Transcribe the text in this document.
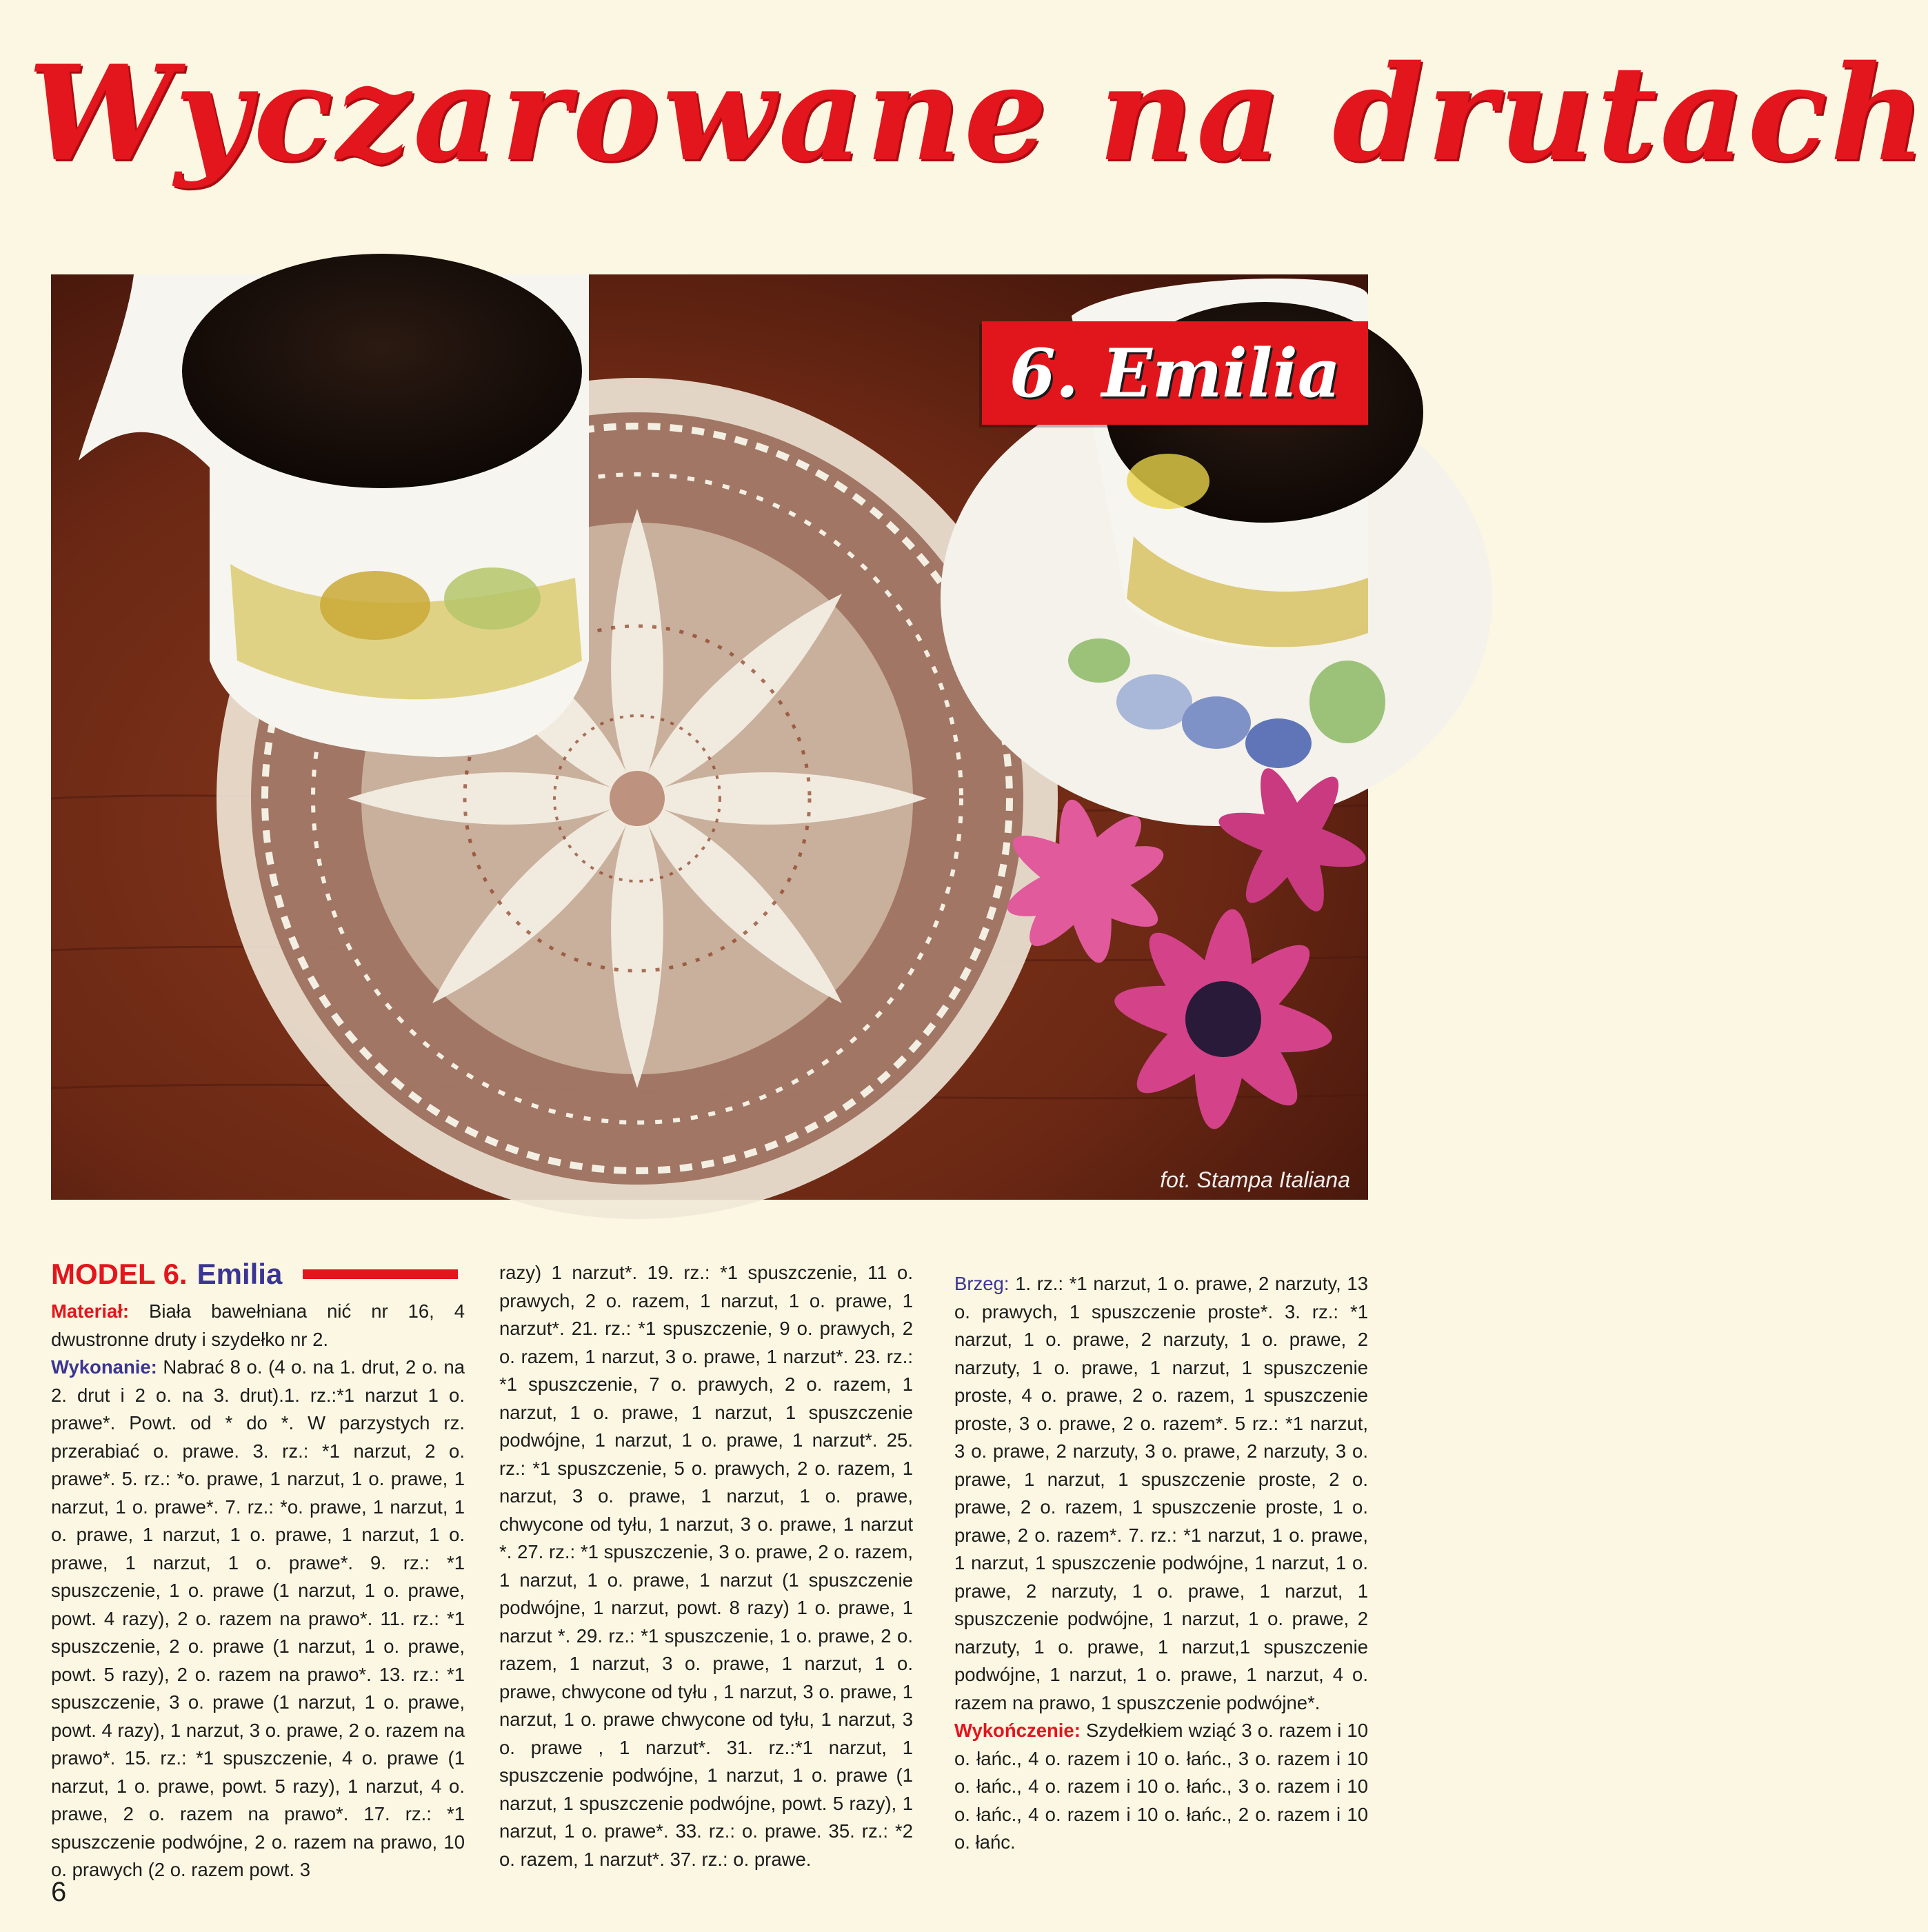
Wyczarowane na drutach
6. Emilia
fot. Stampa Italiana
MODEL 6. Emilia

Materiał: Biała bawełniana nić nr 16, 4 dwustronne druty i szydełko nr 2.

Wykonanie: Nabrać 8 o. (4 o. na 1. drut, 2 o. na 2. drut i 2 o. na 3. drut).1. rz.:*1 narzut 1 o. prawe*. Powt. od * do *. W parzystych rz. przerabiać o. prawe. 3. rz.: *1 narzut, 2 o. prawe*. 5. rz.: *o. prawe, 1 narzut, 1 o. prawe, 1 narzut, 1 o. prawe*. 7. rz.: *o. prawe, 1 narzut, 1 o. prawe, 1 narzut, 1 o. prawe, 1 narzut, 1 o. prawe, 1 narzut, 1 o. prawe*. 9. rz.: *1 spuszczenie, 1 o. prawe (1 narzut, 1 o. prawe, powt. 4 razy), 2 o. razem na prawo*. 11. rz.: *1 spuszczenie, 2 o. prawe (1 narzut, 1 o. prawe, powt. 5 razy), 2 o. razem na prawo*. 13. rz.: *1 spuszczenie, 3 o. prawe (1 narzut, 1 o. prawe, powt. 4 razy), 1 narzut, 3 o. prawe, 2 o. razem na prawo*. 15. rz.: *1 spuszczenie, 4 o. prawe (1 narzut, 1 o. prawe, powt. 5 razy), 1 narzut, 4 o. prawe, 2 o. razem na prawo*. 17. rz.: *1 spuszczenie podwójne, 2 o. razem na prawo, 10 o. prawych (2 o. razem powt. 3

razy) 1 narzut*. 19. rz.: *1 spuszczenie, 11 o. prawych, 2 o. razem, 1 narzut, 1 o. prawe, 1 narzut*. 21. rz.: *1 spuszczenie, 9 o. prawych, 2 o. razem, 1 narzut, 3 o. prawe, 1 narzut*. 23. rz.: *1 spuszczenie, 7 o. prawych, 2 o. razem, 1 narzut, 1 o. prawe, 1 narzut, 1 spuszczenie podwójne, 1 narzut, 1 o. prawe, 1 narzut*. 25. rz.: *1 spuszczenie, 5 o. prawych, 2 o. razem, 1 narzut, 3 o. prawe, 1 narzut, 1 o. prawe, chwycone od tyłu, 1 narzut, 3 o. prawe, 1 narzut *. 27. rz.: *1 spuszczenie, 3 o. prawe, 2 o. razem, 1 narzut, 1 o. prawe, 1 narzut (1 spuszczenie podwójne, 1 narzut, powt. 8 razy) 1 o. prawe, 1 narzut *. 29. rz.: *1 spuszczenie, 1 o. prawe, 2 o. razem, 1 narzut, 3 o. prawe, 1 narzut, 1 o. prawe, chwycone od tyłu , 1 narzut, 3 o. prawe, 1 narzut, 1 o. prawe chwycone od tyłu, 1 narzut, 3 o. prawe , 1 narzut*. 31. rz.:*1 narzut, 1 spuszczenie podwójne, 1 narzut, 1 o. prawe (1 narzut, 1 spuszczenie podwójne, powt. 5 razy), 1 narzut, 1 o. prawe*. 33. rz.: o. prawe. 35. rz.: *2 o. razem, 1 narzut*. 37. rz.: o. prawe.

Brzeg: 1. rz.: *1 narzut, 1 o. prawe, 2 narzuty, 13 o. prawych, 1 spuszczenie proste*. 3. rz.: *1 narzut, 1 o. prawe, 2 narzuty, 1 o. prawe, 2 narzuty, 1 o. prawe, 1 narzut, 1 spuszczenie proste, 4 o. prawe, 2 o. razem, 1 spuszczenie proste, 3 o. prawe, 2 o. razem*. 5 rz.: *1 narzut, 3 o. prawe, 2 narzuty, 3 o. prawe, 2 narzuty, 3 o. prawe, 1 narzut, 1 spuszczenie proste, 2 o. prawe, 2 o. razem, 1 spuszczenie proste, 1 o. prawe, 2 o. razem*. 7. rz.: *1 narzut, 1 o. prawe, 1 narzut, 1 spuszczenie podwójne, 1 narzut, 1 o. prawe, 2 narzuty, 1 o. prawe, 1 narzut, 1 spuszczenie podwójne, 1 narzut, 1 o. prawe, 2 narzuty, 1 o. prawe, 1 narzut,1 spuszczenie podwójne, 1 narzut, 1 o. prawe, 1 narzut, 4 o. razem na prawo, 1 spuszczenie podwójne*.

Wykończenie: Szydełkiem wziąć 3 o. razem i 10 o. łańc., 4 o. razem i 10 o. łańc., 3 o. razem i 10 o. łańc., 4 o. razem i 10 o. łańc., 3 o. razem i 10 o. łańc., 4 o. razem i 10 o. łańc., 2 o. razem i 10 o. łańc.

6
